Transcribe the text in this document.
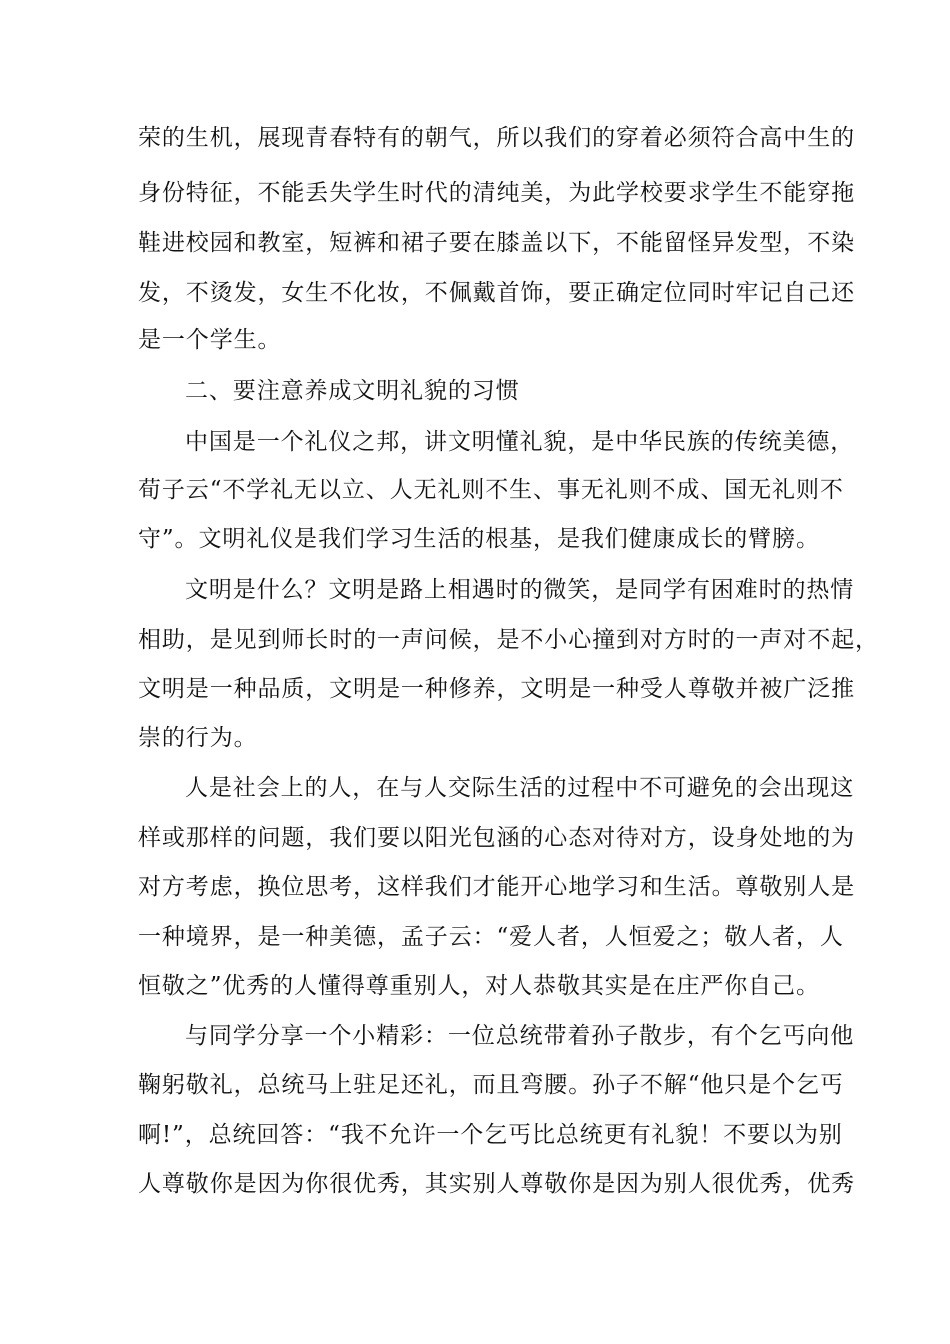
荣的生机，展现青春特有的朝气，所以我们的穿着必须符合高中生的
身份特征，不能丢失学生时代的清纯美，为此学校要求学生不能穿拖
鞋进校园和教室，短裤和裙子要在膝盖以下，不能留怪异发型，不染
发，不烫发，女生不化妆，不佩戴首饰，要正确定位同时牢记自己还
是一个学生。
二、要注意养成文明礼貌的习惯
中国是一个礼仪之邦，讲文明懂礼貌，是中华民族的传统美德，
荀子云“不学礼无以立、人无礼则不生、事无礼则不成、国无礼则不
守”。文明礼仪是我们学习生活的根基，是我们健康成长的臂膀。
文明是什么？文明是路上相遇时的微笑，是同学有困难时的热情
相助，是见到师长时的一声问候，是不小心撞到对方时的一声对不起，
文明是一种品质，文明是一种修养，文明是一种受人尊敬并被广泛推
崇的行为。
人是社会上的人，在与人交际生活的过程中不可避免的会出现这
样或那样的问题，我们要以阳光包涵的心态对待对方，设身处地的为
对方考虑，换位思考，这样我们才能开心地学习和生活。尊敬别人是
一种境界，是一种美德，孟子云：“爱人者，人恒爱之；敬人者，人
恒敬之”优秀的人懂得尊重别人，对人恭敬其实是在庄严你自己。
与同学分享一个小精彩：一位总统带着孙子散步，有个乞丐向他
鞠躬敬礼，总统马上驻足还礼，而且弯腰。孙子不解“他只是个乞丐
啊!”，总统回答：“我不允许一个乞丐比总统更有礼貌！不要以为别
人尊敬你是因为你很优秀，其实别人尊敬你是因为别人很优秀，优秀
